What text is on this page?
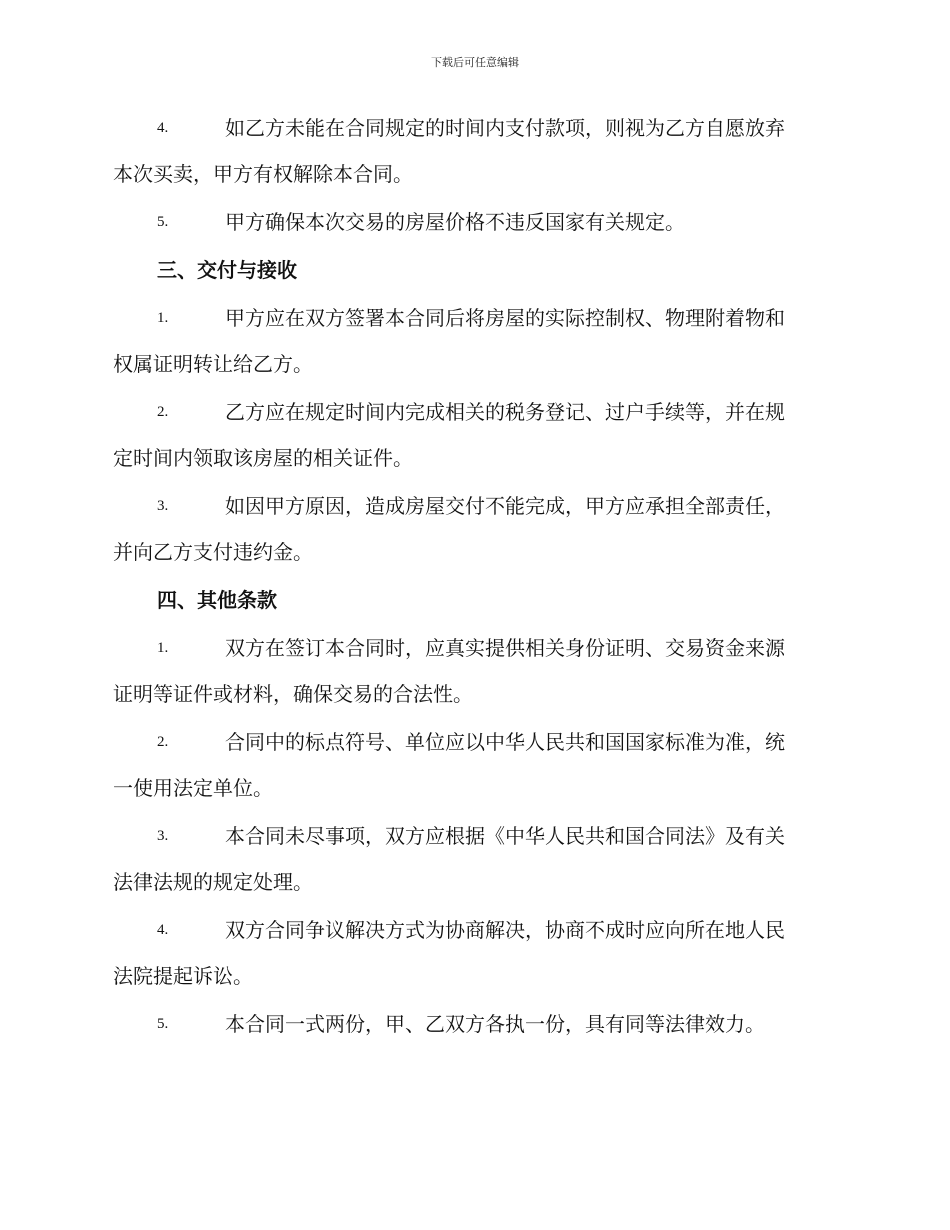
下载后可任意编辑
4.	如乙方未能在合同规定的时间内支付款项，则视为乙方自愿放弃
本次买卖，甲方有权解除本合同。
5.	甲方确保本次交易的房屋价格不违反国家有关规定。
三、交付与接收
1.	甲方应在双方签署本合同后将房屋的实际控制权、物理附着物和
权属证明转让给乙方。
2.	乙方应在规定时间内完成相关的税务登记、过户手续等，并在规
定时间内领取该房屋的相关证件。
3.	如因甲方原因，造成房屋交付不能完成，甲方应承担全部责任，
并向乙方支付违约金。
四、其他条款
1.	双方在签订本合同时，应真实提供相关身份证明、交易资金来源
证明等证件或材料，确保交易的合法性。
2.	合同中的标点符号、单位应以中华人民共和国国家标准为准，统
一使用法定单位。
3.	本合同未尽事项，双方应根据《中华人民共和国合同法》及有关
法律法规的规定处理。
4.	双方合同争议解决方式为协商解决，协商不成时应向所在地人民
法院提起诉讼。
5.	本合同一式两份，甲、乙双方各执一份，具有同等法律效力。
